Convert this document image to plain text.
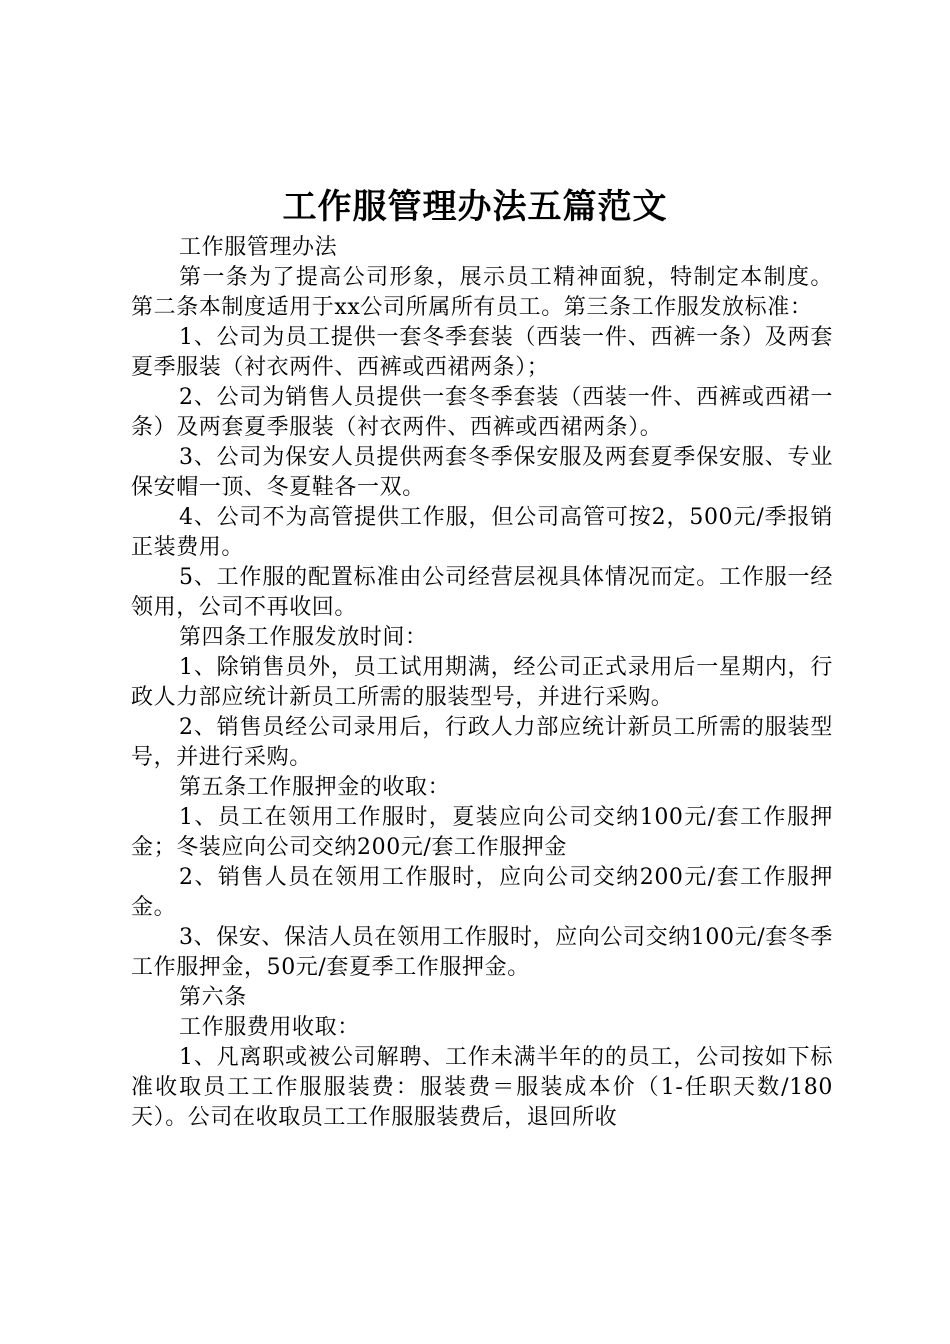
工作服管理办法五篇范文

工作服管理办法

第一条为了提高公司形象，展示员工精神面貌，特制定本制度。第二条本制度适用于xx公司所属所有员工。第三条工作服发放标准：

1、公司为员工提供一套冬季套装（西装一件、西裤一条）及两套夏季服装（衬衣两件、西裤或西裙两条）；

2、公司为销售人员提供一套冬季套装（西装一件、西裤或西裙一条）及两套夏季服装（衬衣两件、西裤或西裙两条）。

3、公司为保安人员提供两套冬季保安服及两套夏季保安服、专业保安帽一顶、冬夏鞋各一双。

4、公司不为高管提供工作服，但公司高管可按2，500元/季报销正装费用。

5、工作服的配置标准由公司经营层视具体情况而定。工作服一经领用，公司不再收回。

第四条工作服发放时间：

1、除销售员外，员工试用期满，经公司正式录用后一星期内，行政人力部应统计新员工所需的服装型号，并进行采购。

2、销售员经公司录用后，行政人力部应统计新员工所需的服装型号，并进行采购。

第五条工作服押金的收取：

1、员工在领用工作服时，夏装应向公司交纳100元/套工作服押金；冬装应向公司交纳200元/套工作服押金

2、销售人员在领用工作服时，应向公司交纳200元/套工作服押金。

3、保安、保洁人员在领用工作服时，应向公司交纳100元/套冬季工作服押金，50元/套夏季工作服押金。

第六条

工作服费用收取：

1、凡离职或被公司解聘、工作未满半年的的员工，公司按如下标准收取员工工作服服装费：服装费＝服装成本价（1-任职天数/180天）。公司在收取员工工作服服装费后，退回所收
